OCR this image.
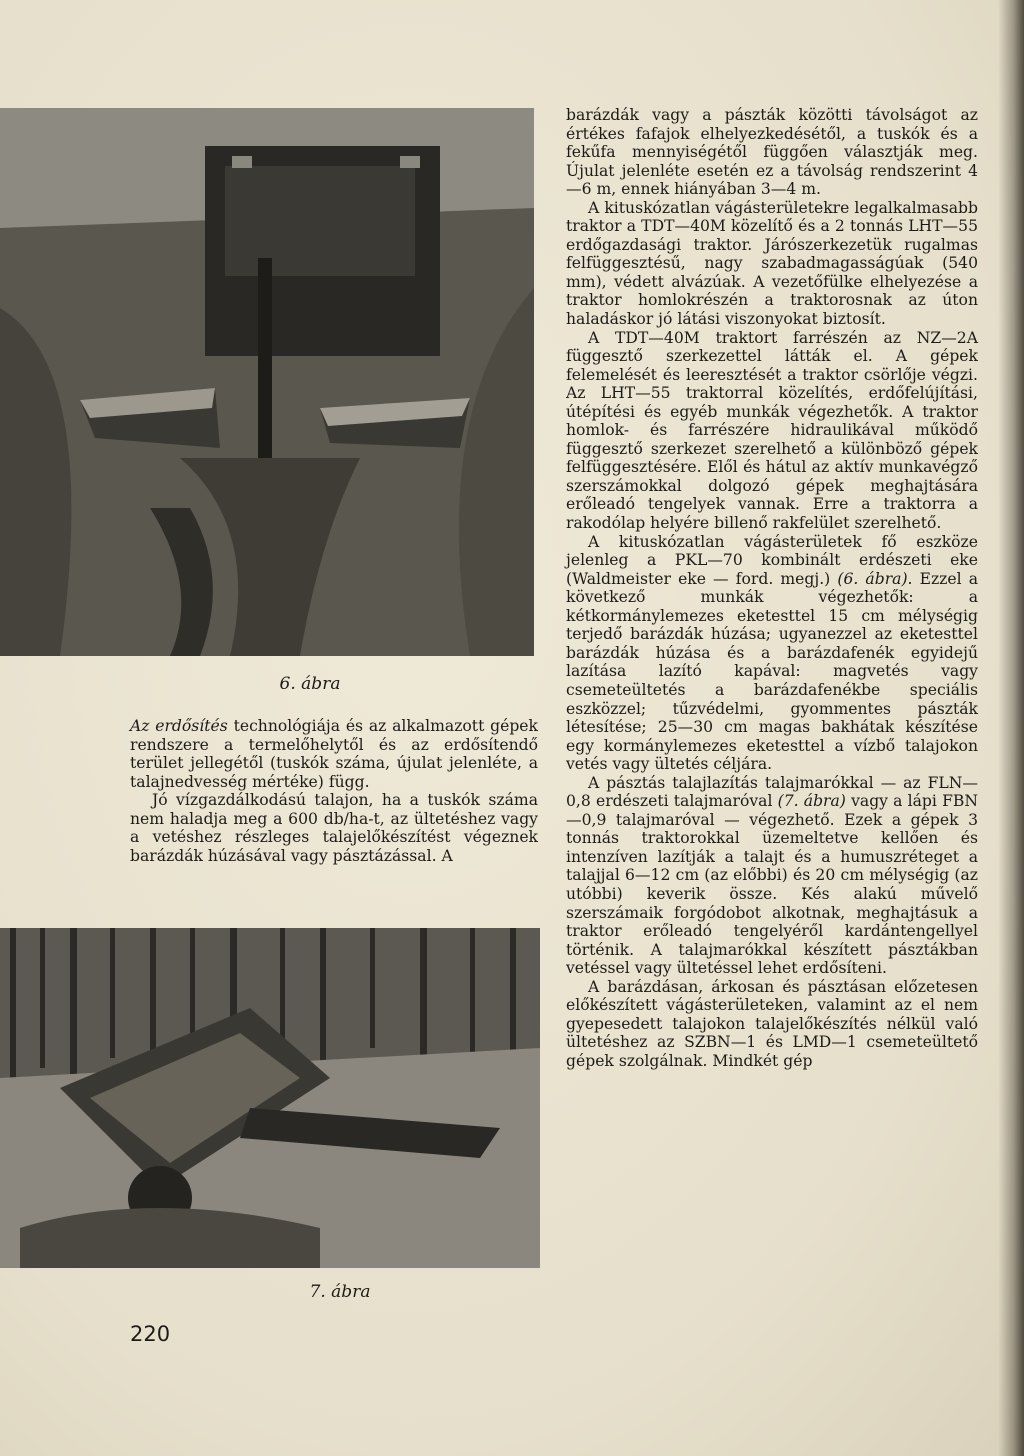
6. ábra

Az erdősítés technológiája és az alkalmazott gépek rendszere a termelőhelytől és az erdősítendő terület jellegétől (tuskók száma, újulat jelenléte, a talajnedvesség mértéke) függ.

Jó vízgazdálkodású talajon, ha a tuskók száma nem haladja meg a 600 db/ha-t, az ültetéshez vagy a vetéshez részleges talajelőkészítést végeznek barázdák húzásával vagy pásztázással. A

7. ábra

barázdák vagy a pászták közötti távolságot az értékes fafajok elhelyezkedésétől, a tuskók és a fekűfa mennyiségétől függően választják meg. Újulat jelenléte esetén ez a távolság rendszerint 4—6 m, ennek hiányában 3—4 m.

A kituskózatlan vágásterületekre legalkalmasabb traktor a TDT—40M közelítő és a 2 tonnás LHT—55 erdőgazdasági traktor. Járószerkezetük rugalmas felfüggesztésű, nagy szabadmagasságúak (540 mm), védett alvázúak. A vezetőfülke elhelyezése a traktor homlokrészén a traktorosnak az úton haladáskor jó látási viszonyokat biztosít.

A TDT—40M traktort farrészén az NZ—2A függesztő szerkezettel látták el. A gépek felemelését és leeresztését a traktor csörlője végzi. Az LHT—55 traktorral közelítés, erdőfelújítási, útépítési és egyéb munkák végezhetők. A traktor homlok- és farrészére hidraulikával működő függesztő szerkezet szerelhető a különböző gépek felfüggesztésére. Elől és hátul az aktív munkavégző szerszámokkal dolgozó gépek meghajtására erőleadó tengelyek vannak. Erre a traktorra a rakodólap helyére billenő rakfelület szerelhető.

A kituskózatlan vágásterületek fő eszköze jelenleg a PKL—70 kombinált erdészeti eke (Waldmeister eke — ford. megj.) (6. ábra). Ezzel a következő munkák végezhetők: a kétkormánylemezes eketesttel 15 cm mélységig terjedő barázdák húzása; ugyanezzel az eketesttel barázdák húzása és a barázdafenék egyidejű lazítása lazító kapával: magvetés vagy csemeteültetés a barázdafenékbe speciális eszközzel; tűzvédelmi, gyommentes pászták létesítése; 25—30 cm magas bakhátak készítése egy kormánylemezes eketesttel a vízbő talajokon vetés vagy ültetés céljára.

A pásztás talajlazítás talajmarókkal — az FLN—0,8 erdészeti talajmaróval (7. ábra) vagy a lápi FBN—0,9 talajmaróval — végezhető. Ezek a gépek 3 tonnás traktorokkal üzemeltetve kellően és intenzíven lazítják a talajt és a humuszréteget a talajjal 6—12 cm (az előbbi) és 20 cm mélységig (az utóbbi) keverik össze. Kés alakú művelő szerszámaik forgódobot alkotnak, meghajtásuk a traktor erőleadó tengelyéről kardántengellyel történik. A talajmarókkal készített pásztákban vetéssel vagy ültetéssel lehet erdősíteni.

A barázdásan, árkosan és pásztásan előzetesen előkészített vágásterületeken, valamint az el nem gyepesedett talajokon talajelőkészítés nélkül való ültetéshez az SZBN—1 és LMD—1 csemeteültető gépek szolgálnak. Mindkét gép

220
